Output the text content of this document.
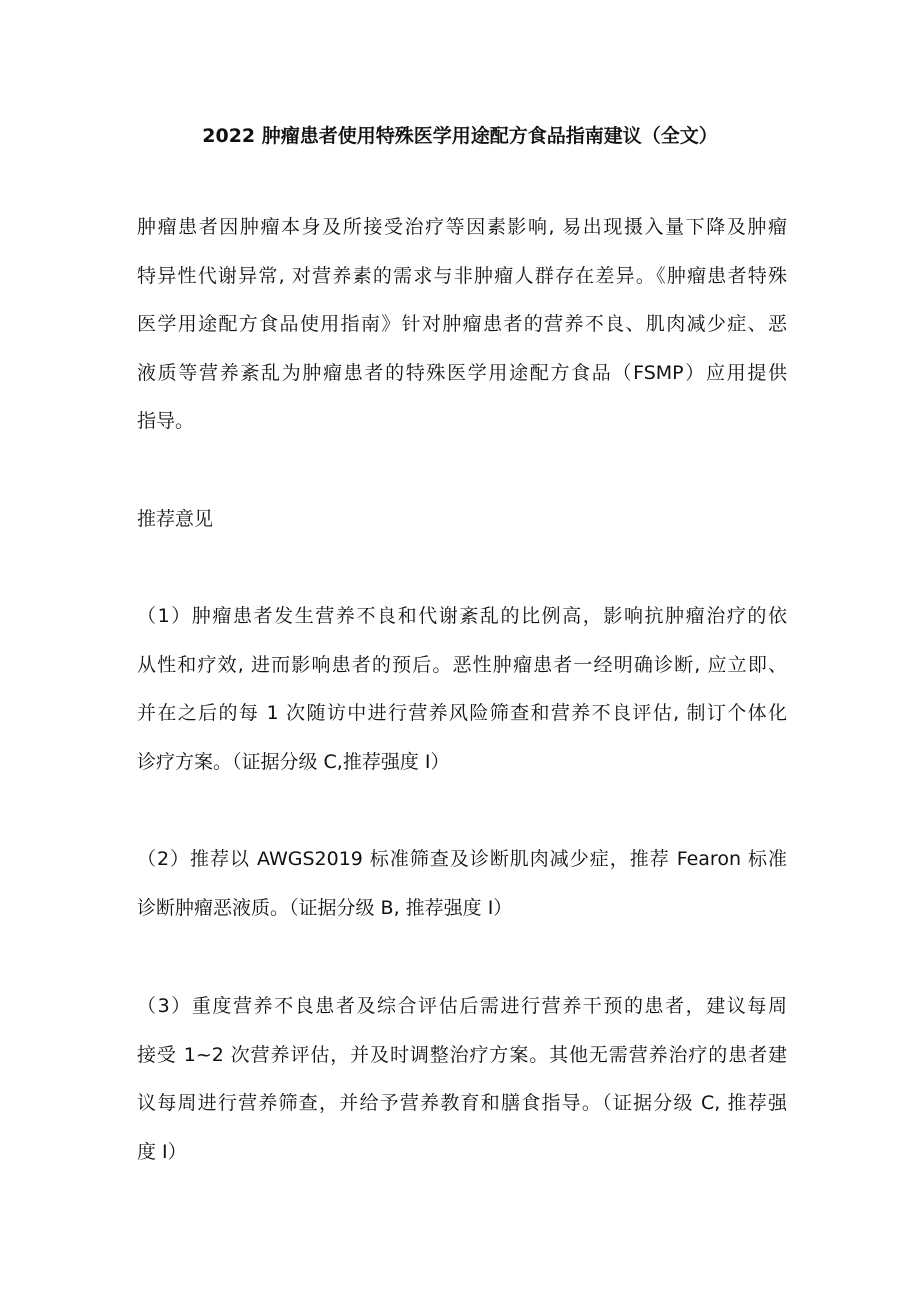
2022 肿瘤患者使用特殊医学用途配方食品指南建议（全文）
肿瘤患者因肿瘤本身及所接受治疗等因素影响, 易出现摄入量下降及肿瘤
特异性代谢异常, 对营养素的需求与非肿瘤人群存在差异。《肿瘤患者特殊
医学用途配方食品使用指南》针对肿瘤患者的营养不良、肌肉减少症、恶
液质等营养紊乱为肿瘤患者的特殊医学用途配方食品（FSMP）应用提供
指导。
推荐意见
（1）肿瘤患者发生营养不良和代谢紊乱的比例高，影响抗肿瘤治疗的依
从性和疗效, 进而影响患者的预后。恶性肿瘤患者一经明确诊断, 应立即、
并在之后的每 1 次随访中进行营养风险筛查和营养不良评估, 制订个体化
诊疗方案。（证据分级 C,推荐强度 I）
（2）推荐以 AWGS2019 标准筛查及诊断肌肉减少症，推荐 Fearon 标准
诊断肿瘤恶液质。（证据分级 B, 推荐强度 I）
（3）重度营养不良患者及综合评估后需进行营养干预的患者，建议每周
接受 1~2 次营养评估，并及时调整治疗方案。其他无需营养治疗的患者建
议每周进行营养筛查，并给予营养教育和膳食指导。（证据分级 C, 推荐强
度 I）
